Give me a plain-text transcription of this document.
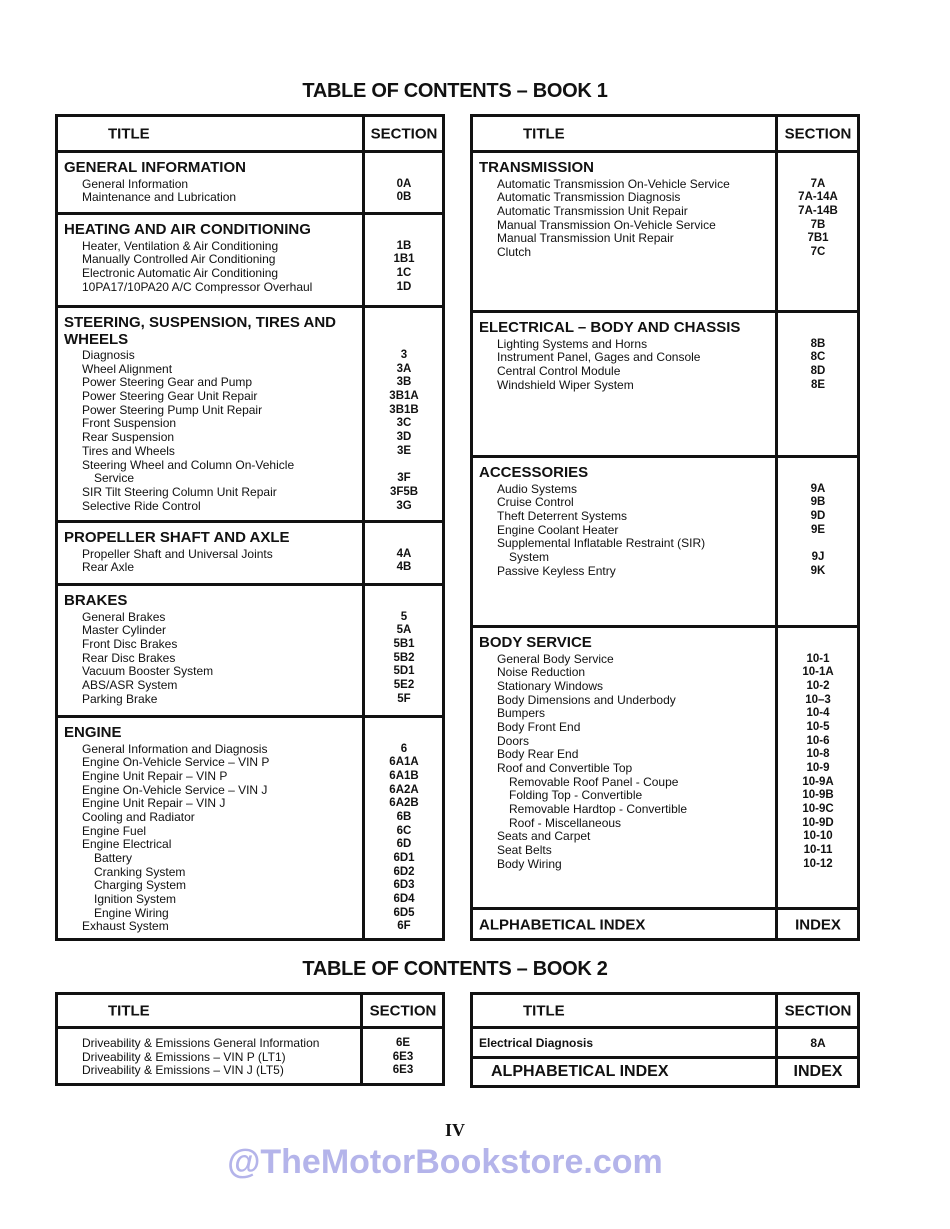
TABLE OF CONTENTS – BOOK 1
TITLE	SECTION
GENERAL INFORMATION
General Information	0A
Maintenance and Lubrication	0B
HEATING AND AIR CONDITIONING
Heater, Ventilation & Air Conditioning	1B
Manually Controlled Air Conditioning	1B1
Electronic Automatic Air Conditioning	1C
10PA17/10PA20 A/C Compressor Overhaul	1D
STEERING, SUSPENSION, TIRES AND WHEELS
Diagnosis	3
Wheel Alignment	3A
Power Steering Gear and Pump	3B
Power Steering Gear Unit Repair	3B1A
Power Steering Pump Unit Repair	3B1B
Front Suspension	3C
Rear Suspension	3D
Tires and Wheels	3E
Steering Wheel and Column On-Vehicle
Service	3F
SIR Tilt Steering Column Unit Repair	3F5B
Selective Ride Control	3G
PROPELLER SHAFT AND AXLE
Propeller Shaft and Universal Joints	4A
Rear Axle	4B
BRAKES
General Brakes	5
Master Cylinder	5A
Front Disc Brakes	5B1
Rear Disc Brakes	5B2
Vacuum Booster System	5D1
ABS/ASR System	5E2
Parking Brake	5F
ENGINE
General Information and Diagnosis	6
Engine On-Vehicle Service – VIN P	6A1A
Engine Unit Repair – VIN P	6A1B
Engine On-Vehicle Service – VIN J	6A2A
Engine Unit Repair – VIN J	6A2B
Cooling and Radiator	6B
Engine Fuel	6C
Engine Electrical	6D
Battery	6D1
Cranking System	6D2
Charging System	6D3
Ignition System	6D4
Engine Wiring	6D5
Exhaust System	6F
TITLE	SECTION
TRANSMISSION
Automatic Transmission On-Vehicle Service	7A
Automatic Transmission Diagnosis	7A-14A
Automatic Transmission Unit Repair	7A-14B
Manual Transmission On-Vehicle Service	7B
Manual Transmission Unit Repair	7B1
Clutch	7C
ELECTRICAL – BODY AND CHASSIS
Lighting Systems and Horns	8B
Instrument Panel, Gages and Console	8C
Central Control Module	8D
Windshield Wiper System	8E
ACCESSORIES
Audio Systems	9A
Cruise Control	9B
Theft Deterrent Systems	9D
Engine Coolant Heater	9E
Supplemental Inflatable Restraint (SIR)
System	9J
Passive Keyless Entry	9K
BODY SERVICE
General Body Service	10-1
Noise Reduction	10-1A
Stationary Windows	10-2
Body Dimensions and Underbody	10–3
Bumpers	10-4
Body Front End	10-5
Doors	10-6
Body Rear End	10-8
Roof and Convertible Top	10-9
Removable Roof Panel - Coupe	10-9A
Folding Top - Convertible	10-9B
Removable Hardtop - Convertible	10-9C
Roof - Miscellaneous	10-9D
Seats and Carpet	10-10
Seat Belts	10-11
Body Wiring	10-12
ALPHABETICAL INDEX	INDEX
TABLE OF CONTENTS – BOOK 2
TITLE	SECTION
Driveability & Emissions General Information	6E
Driveability & Emissions – VIN P (LT1)	6E3
Driveability & Emissions – VIN J (LT5)	6E3
TITLE	SECTION
Electrical Diagnosis	8A
ALPHABETICAL INDEX	INDEX
IV
@TheMotorBookstore.com
